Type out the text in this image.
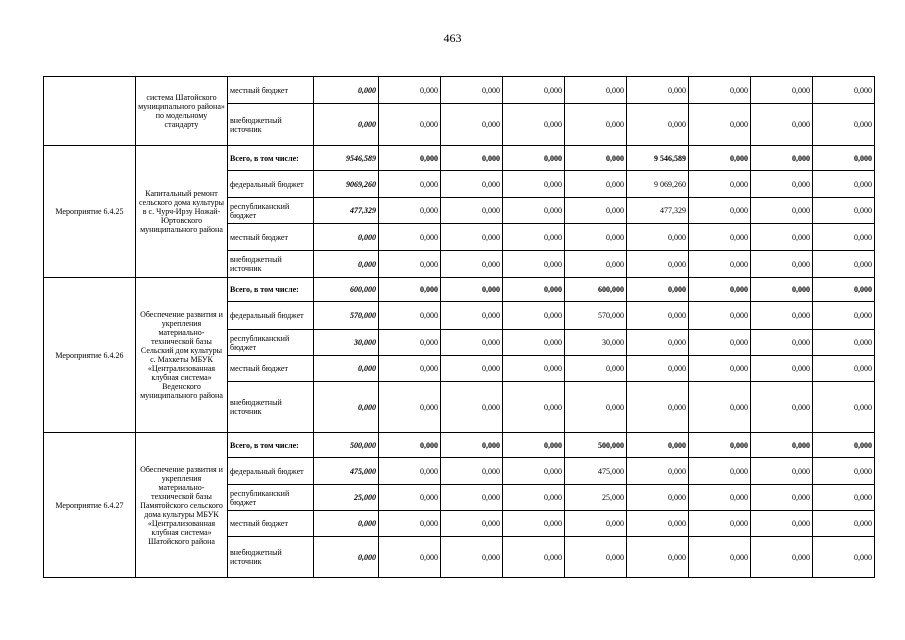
463
	система Шатойского муниципального района» по модельному стандарту	местный бюджет	0,000	0,000	0,000	0,000	0,000	0,000	0,000	0,000	0,000
		внебюджетный источник	0,000	0,000	0,000	0,000	0,000	0,000	0,000	0,000	0,000
Мероприятие 6.4.25	Капитальный ремонт сельского дома культуры в с. Чурч-Ирзу Ножай-Юртовского муниципального района	Всего, в том числе:	9546,589	0,000	0,000	0,000	0,000	9 546,589	0,000	0,000	0,000
		федеральный бюджет	9069,260	0,000	0,000	0,000	0,000	9 069,260	0,000	0,000	0,000
		республиканский бюджет	477,329	0,000	0,000	0,000	0,000	477,329	0,000	0,000	0,000
		местный бюджет	0,000	0,000	0,000	0,000	0,000	0,000	0,000	0,000	0,000
		внебюджетный источник	0,000	0,000	0,000	0,000	0,000	0,000	0,000	0,000	0,000
Мероприятие 6.4.26	Обеспечение развития и укрепления материально-технической базы Сельский дом культуры с. Махкеты МБУК «Централизованная клубная система» Веденского муниципального района	Всего, в том числе:	600,000	0,000	0,000	0,000	600,000	0,000	0,000	0,000	0,000
		федеральный бюджет	570,000	0,000	0,000	0,000	570,000	0,000	0,000	0,000	0,000
		республиканский бюджет	30,000	0,000	0,000	0,000	30,000	0,000	0,000	0,000	0,000
		местный бюджет	0,000	0,000	0,000	0,000	0,000	0,000	0,000	0,000	0,000
		внебюджетный источник	0,000	0,000	0,000	0,000	0,000	0,000	0,000	0,000	0,000
Мероприятие 6.4.27	Обеспечение развития и укрепления материально-технической базы Памятойского сельского дома культуры МБУК «Централизованная клубная система» Шатойского района	Всего, в том числе:	500,000	0,000	0,000	0,000	500,000	0,000	0,000	0,000	0,000
		федеральный бюджет	475,000	0,000	0,000	0,000	475,000	0,000	0,000	0,000	0,000
		республиканский бюджет	25,000	0,000	0,000	0,000	25,000	0,000	0,000	0,000	0,000
		местный бюджет	0,000	0,000	0,000	0,000	0,000	0,000	0,000	0,000	0,000
		внебюджетный источник	0,000	0,000	0,000	0,000	0,000	0,000	0,000	0,000	0,000
